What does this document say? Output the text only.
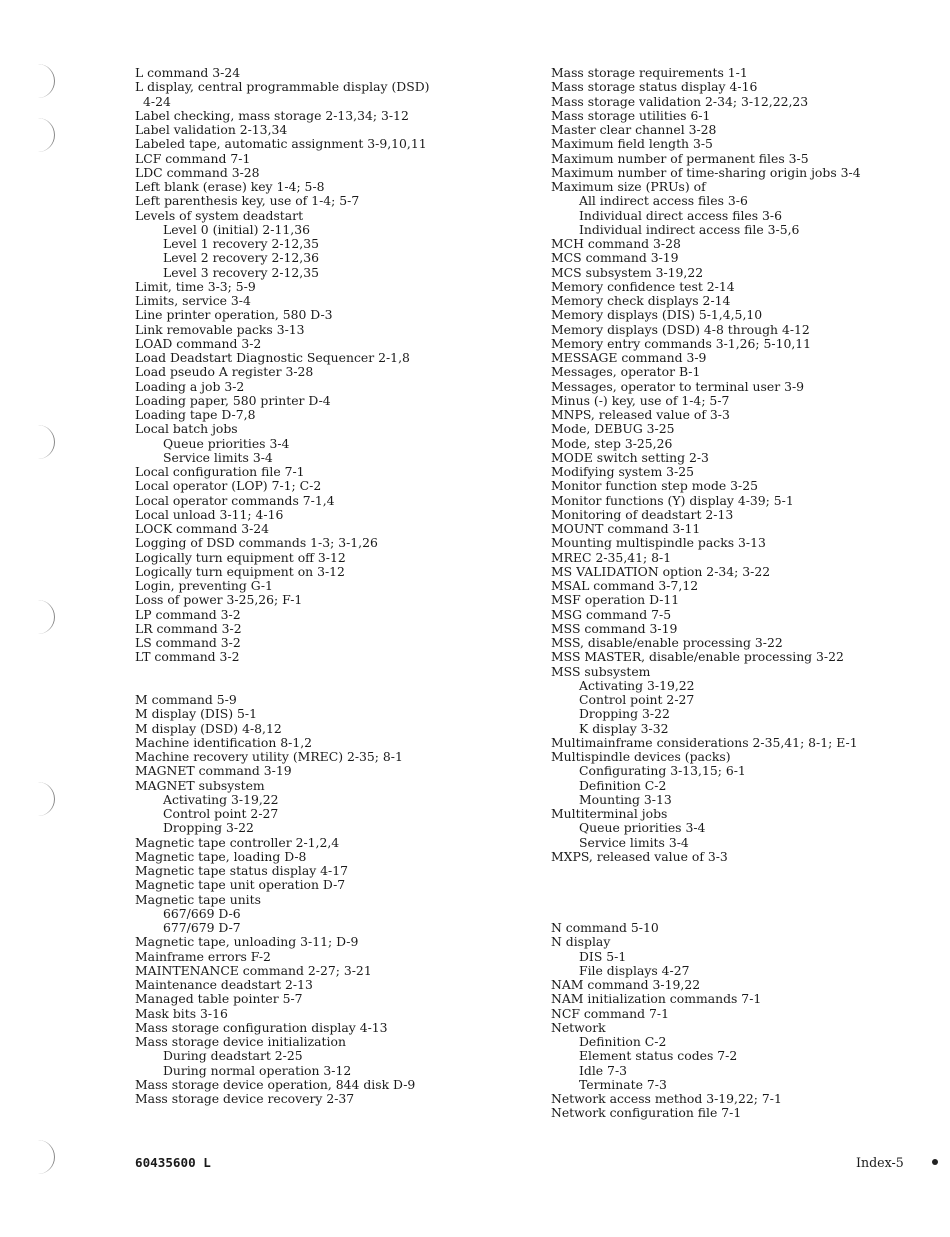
L command 3-24
L display, central programmable display (DSD)
4-24
Label checking, mass storage 2-13,34; 3-12
Label validation 2-13,34
Labeled tape, automatic assignment 3-9,10,11
LCF command 7-1
LDC command 3-28
Left blank (erase) key 1-4; 5-8
Left parenthesis key, use of 1-4; 5-7
Levels of system deadstart
Level 0 (initial) 2-11,36
Level 1 recovery 2-12,35
Level 2 recovery 2-12,36
Level 3 recovery 2-12,35
Limit, time 3-3; 5-9
Limits, service 3-4
Line printer operation, 580 D-3
Link removable packs 3-13
LOAD command 3-2
Load Deadstart Diagnostic Sequencer 2-1,8
Load pseudo A register 3-28
Loading a job 3-2
Loading paper, 580 printer D-4
Loading tape D-7,8
Local batch jobs
Queue priorities 3-4
Service limits 3-4
Local configuration file 7-1
Local operator (LOP) 7-1; C-2
Local operator commands 7-1,4
Local unload 3-11; 4-16
LOCK command 3-24
Logging of DSD commands 1-3; 3-1,26
Logically turn equipment off 3-12
Logically turn equipment on 3-12
Login, preventing G-1
Loss of power 3-25,26; F-1
LP command 3-2
LR command 3-2
LS command 3-2
LT command 3-2
M command 5-9
M display (DIS) 5-1
M display (DSD) 4-8,12
Machine identification 8-1,2
Machine recovery utility (MREC) 2-35; 8-1
MAGNET command 3-19
MAGNET subsystem
Activating 3-19,22
Control point 2-27
Dropping 3-22
Magnetic tape controller 2-1,2,4
Magnetic tape, loading D-8
Magnetic tape status display 4-17
Magnetic tape unit operation D-7
Magnetic tape units
667/669 D-6
677/679 D-7
Magnetic tape, unloading 3-11; D-9
Mainframe errors F-2
MAINTENANCE command 2-27; 3-21
Maintenance deadstart 2-13
Managed table pointer 5-7
Mask bits 3-16
Mass storage configuration display 4-13
Mass storage device initialization
During deadstart 2-25
During normal operation 3-12
Mass storage device operation, 844 disk D-9
Mass storage device recovery 2-37
Mass storage requirements 1-1
Mass storage status display 4-16
Mass storage validation 2-34; 3-12,22,23
Mass storage utilities 6-1
Master clear channel 3-28
Maximum field length 3-5
Maximum number of permanent files 3-5
Maximum number of time-sharing origin jobs 3-4
Maximum size (PRUs) of
All indirect access files 3-6
Individual direct access files 3-6
Individual indirect access file 3-5,6
MCH command 3-28
MCS command 3-19
MCS subsystem 3-19,22
Memory confidence test 2-14
Memory check displays 2-14
Memory displays (DIS) 5-1,4,5,10
Memory displays (DSD) 4-8 through 4-12
Memory entry commands 3-1,26; 5-10,11
MESSAGE command 3-9
Messages, operator B-1
Messages, operator to terminal user 3-9
Minus (-) key, use of 1-4; 5-7
MNPS, released value of 3-3
Mode, DEBUG 3-25
Mode, step 3-25,26
MODE switch setting 2-3
Modifying system 3-25
Monitor function step mode 3-25
Monitor functions (Y) display 4-39; 5-1
Monitoring of deadstart 2-13
MOUNT command 3-11
Mounting multispindle packs 3-13
MREC 2-35,41; 8-1
MS VALIDATION option 2-34; 3-22
MSAL command 3-7,12
MSF operation D-11
MSG command 7-5
MSS command 3-19
MSS, disable/enable processing 3-22
MSS MASTER, disable/enable processing 3-22
MSS subsystem
Activating 3-19,22
Control point 2-27
Dropping 3-22
K display 3-32
Multimainframe considerations 2-35,41; 8-1; E-1
Multispindle devices (packs)
Configurating 3-13,15; 6-1
Definition C-2
Mounting 3-13
Multiterminal jobs
Queue priorities 3-4
Service limits 3-4
MXPS, released value of 3-3
N command 5-10
N display
DIS 5-1
File displays 4-27
NAM command 3-19,22
NAM initialization commands 7-1
NCF command 7-1
Network
Definition C-2
Element status codes 7-2
Idle 7-3
Terminate 7-3
Network access method 3-19,22; 7-1
Network configuration file 7-1
60435600 L	Index-5
